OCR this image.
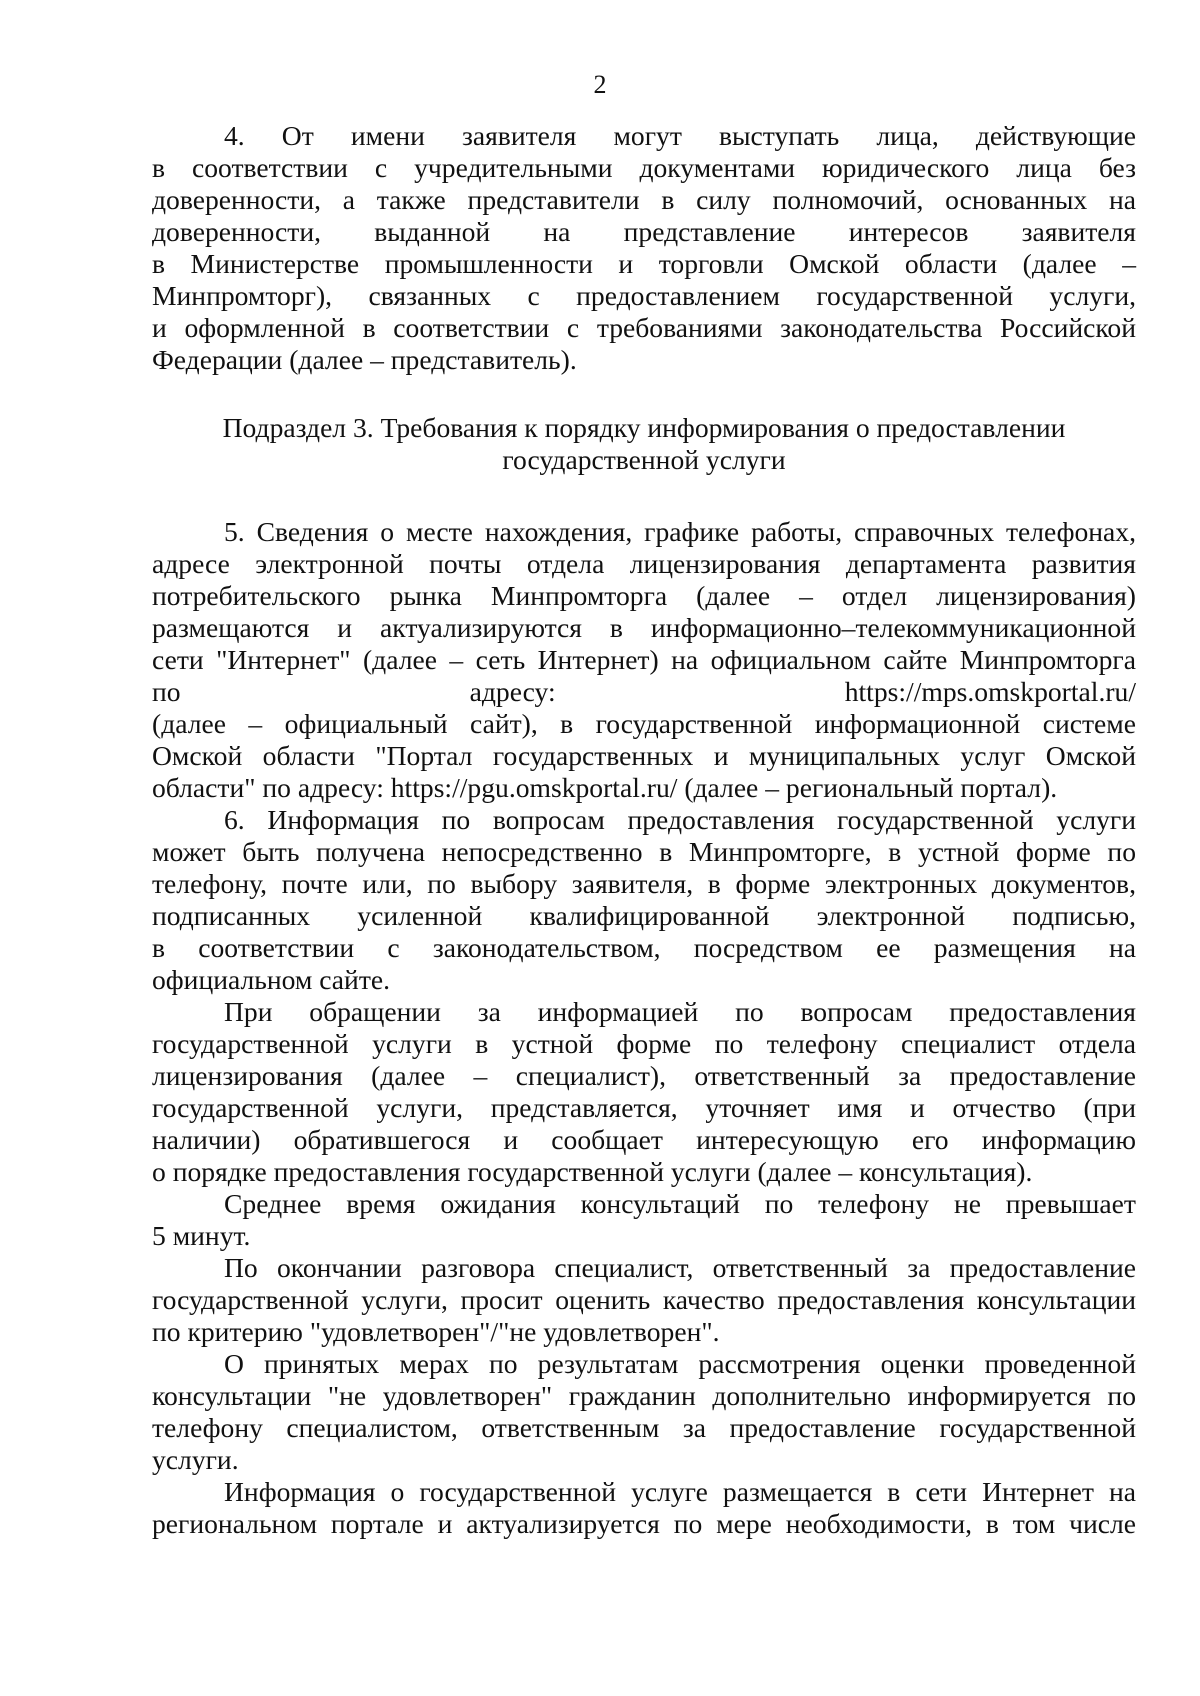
2

4. От имени заявителя могут выступать лица, действующие
в соответствии с учредительными документами юридического лица без
доверенности, а также представители в силу полномочий, основанных на
доверенности, выданной на представление интересов заявителя
в Министерстве промышленности и торговли Омской области (далее –
Минпромторг), связанных с предоставлением государственной услуги,
и оформленной в соответствии с требованиями законодательства Российской
Федерации (далее – представитель).

Подраздел 3. Требования к порядку информирования о предоставлении
государственной услуги

5. Сведения о месте нахождения, графике работы, справочных телефонах,
адресе электронной почты отдела лицензирования департамента развития
потребительского рынка Минпромторга (далее – отдел лицензирования)
размещаются и актуализируются в информационно–телекоммуникационной
сети "Интернет" (далее – сеть Интернет) на официальном сайте Минпромторга
по адресу: https://mps.omskportal.ru/
(далее – официальный сайт), в государственной информационной системе
Омской области "Портал государственных и муниципальных услуг Омской
области" по адресу: https://pgu.omskportal.ru/ (далее – региональный портал).

6. Информация по вопросам предоставления государственной услуги
может быть получена непосредственно в Минпромторге, в устной форме по
телефону, почте или, по выбору заявителя, в форме электронных документов,
подписанных усиленной квалифицированной электронной подписью,
в соответствии с законодательством, посредством ее размещения на
официальном сайте.

При обращении за информацией по вопросам предоставления
государственной услуги в устной форме по телефону специалист отдела
лицензирования (далее – специалист), ответственный за предоставление
государственной услуги, представляется, уточняет имя и отчество (при
наличии) обратившегося и сообщает интересующую его информацию
о порядке предоставления государственной услуги (далее – консультация).

Среднее время ожидания консультаций по телефону не превышает
5 минут.

По окончании разговора специалист, ответственный за предоставление
государственной услуги, просит оценить качество предоставления консультации
по критерию "удовлетворен"/"не удовлетворен".

О принятых мерах по результатам рассмотрения оценки проведенной
консультации "не удовлетворен" гражданин дополнительно информируется по
телефону специалистом, ответственным за предоставление государственной
услуги.

Информация о государственной услуге размещается в сети Интернет на
региональном портале и актуализируется по мере необходимости, в том числе
